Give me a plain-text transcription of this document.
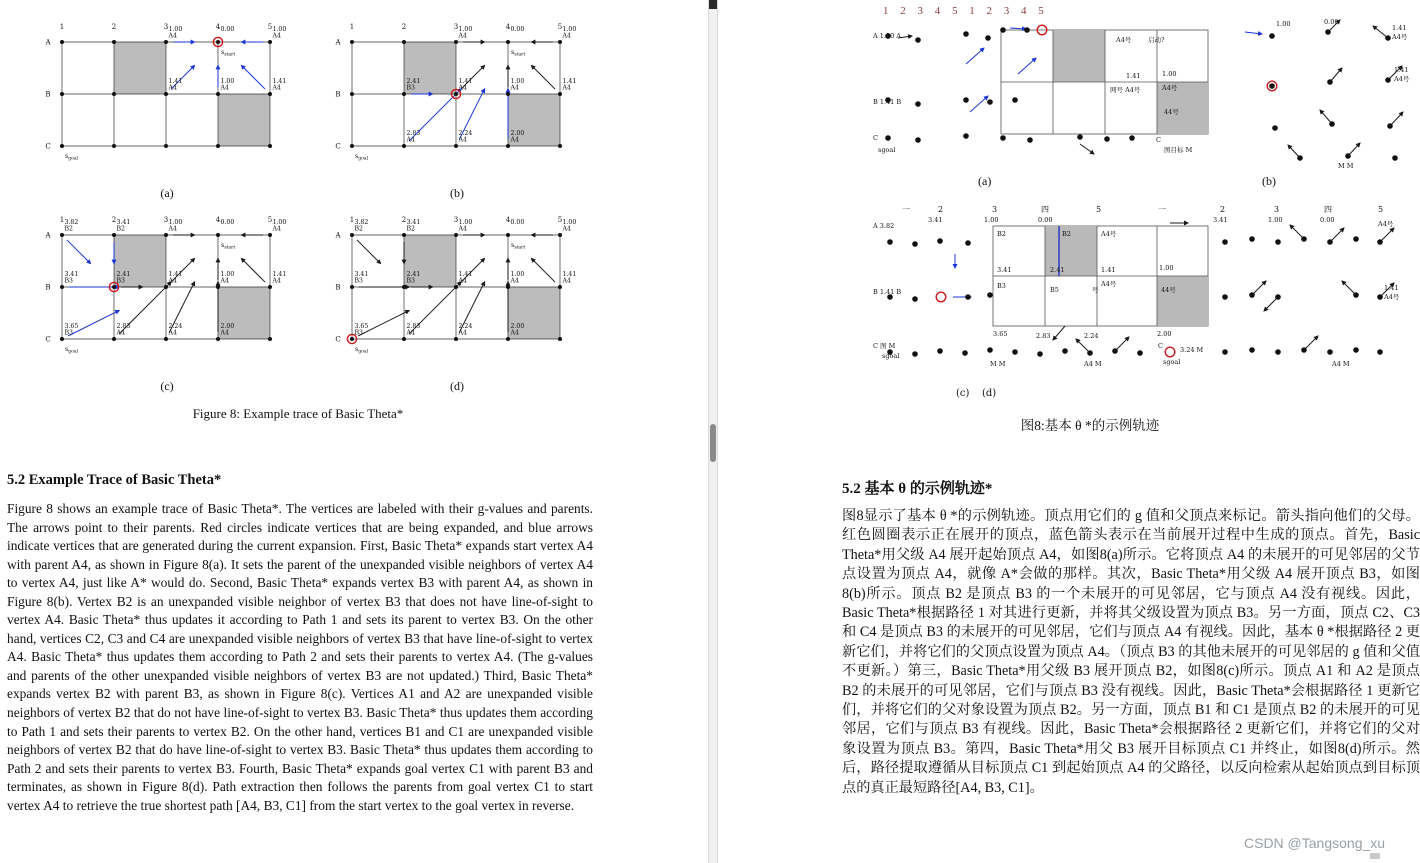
1	2	3	4	5
A
B
C
1.00
A4
0.00	1.00
A4
1.41
A4
1.00
A4
1.41
A4
$s_{start}$
$s_{goal}$
(a)
1	2	3	4	5
A
B
C
1.00
A4
0.00	1.00
A4
1.41
A4
1.00
A4
1.41
A4
2.41
B3
2.83
A4
2.24
A4
2.00
A4
$s_{start}$
$s_{goal}$
(b)
1	2	3	4	5
A
B
C
3.82
B2
3.41
B2
1.00
A4
0.00	1.00
A4
3.41
B3
2.41
B3
1.41
A4
1.00
A4
1.41
A4
3.65
B3
2.83
A4
2.24
A4
2.00
A4
$s_{start}$
$s_{goal}$
(c)
1	2	3	4	5
A
B
C
3.82
B2
3.41
B2
1.00
A4
0.00	1.00
A4
3.41
B3
2.41
B3
1.41
A4
1.00
A4
1.41
A4
3.65
B3
2.83
A4
2.24
A4
2.00
A4
$s_{start}$
$s_{goal}$
(d)
Figure 8: Example trace of Basic Theta*
5.2 Example Trace of Basic Theta*

Figure 8 shows an example trace of Basic Theta*. The vertices are labeled with their g-values and parents. The arrows point to their parents. Red circles indicate vertices that are being expanded, and blue arrows indicate vertices that are generated during the current expansion. First, Basic Theta* expands start vertex A4 with parent A4, as shown in Figure 8(a). It sets the parent of the unexpanded visible neighbors of vertex A4 to vertex A4, just like A* would do. Second, Basic Theta* expands vertex B3 with parent A4, as shown in Figure 8(b). Vertex B2 is an unexpanded visible neighbor of vertex B3 that does not have line-of-sight to vertex A4. Basic Theta* thus updates it according to Path 1 and sets its parent to vertex B3. On the other hand, vertices C2, C3 and C4 are unexpanded visible neighbors of vertex B3 that have line-of-sight to vertex A4. Basic Theta* thus updates them according to Path 2 and sets their parents to vertex A4. (The g-values and parents of the other unexpanded visible neighbors of vertex B3 are not updated.) Third, Basic Theta* expands vertex B2 with parent B3, as shown in Figure 8(c). Vertices A1 and A2 are unexpanded visible neighbors of vertex B2 that do not have line-of-sight to vertex B3. Basic Theta* thus updates them according to Path 1 and sets their parents to vertex B2. On the other hand, vertices B1 and C1 are unexpanded visible neighbors of vertex B2 that do have line-of-sight to vertex B3. Basic Theta* thus updates them according to Path 2 and sets their parents to vertex B3. Fourth, Basic Theta* expands goal vertex C1 with parent B3 and terminates, as shown in Figure 8(d). Path extraction then follows the parents from goal vertex C1 to start vertex A4 to retrieve the true shortest path [A4, B3, C1] from the start vertex to the goal vertex in reverse.

1 2 3 4 5 1 2 3 4 5
A 1.00 A
B 1.41 B
C
sgoal
A4号	启动?
1.41
网号 A4号
1.00
A4号
44号
C
图目标 M
1.00	0.00
1.41
A4号
1.41
A4号
M M
(a)	(b)
一	2	3	四	5	一	2	3	四	5
3.41	1.00	0.00	3.41	1.00	0.00	A4号
A 3.82
B 1.41 B
C 图 M
sgoal
B2	B2	A4号
B3	B5	号
A4号
44号
3.41	2.41	1.41	1.00
3.65	2.83	2.24	2.00
M M	A4 M
C	3.24 M
sgoal	A4 M
1.41
A4号
(c) (d)
图8:基本 θ *的示例轨迹
5.2 基本 θ 的示例轨迹*

图8显示了基本 θ *的示例轨迹。顶点用它们的 g 值和父顶点来标记。箭头指向他们的父母。红色圆圈表示正在展开的顶点，蓝色箭头表示在当前展开过程中生成的顶点。首先，Basic Theta*用父级 A4 展开起始顶点 A4，如图8(a)所示。它将顶点 A4 的未展开的可见邻居的父节点设置为顶点 A4，就像 A*会做的那样。其次，Basic Theta*用父级 A4 展开顶点 B3，如图8(b)所示。顶点 B2 是顶点 B3 的一个未展开的可见邻居，它与顶点 A4 没有视线。因此，Basic Theta*根据路径 1 对其进行更新，并将其父级设置为顶点 B3。另一方面，顶点 C2、C3 和 C4 是顶点 B3 的未展开的可见邻居，它们与顶点 A4 有视线。因此，基本 θ *根据路径 2 更新它们，并将它们的父顶点设置为顶点 A4。（顶点 B3 的其他未展开的可见邻居的 g 值和父值不更新。）第三，Basic Theta*用父级 B3 展开顶点 B2，如图8(c)所示。顶点 A1 和 A2 是顶点 B2 的未展开的可见邻居，它们与顶点 B3 没有视线。因此，Basic Theta*会根据路径 1 更新它们，并将它们的父对象设置为顶点 B2。另一方面，顶点 B1 和 C1 是顶点 B2 的未展开的可见邻居，它们与顶点 B3 有视线。因此，Basic Theta*会根据路径 2 更新它们，并将它们的父对象设置为顶点 B3。第四，Basic Theta*用父 B3 展开目标顶点 C1 并终止，如图8(d)所示。然后，路径提取遵循从目标顶点 C1 到起始顶点 A4 的父路径，以反向检索从起始顶点到目标顶点的真正最短路径[A4, B3, C1]。

CSDN @Tangsong_xu
